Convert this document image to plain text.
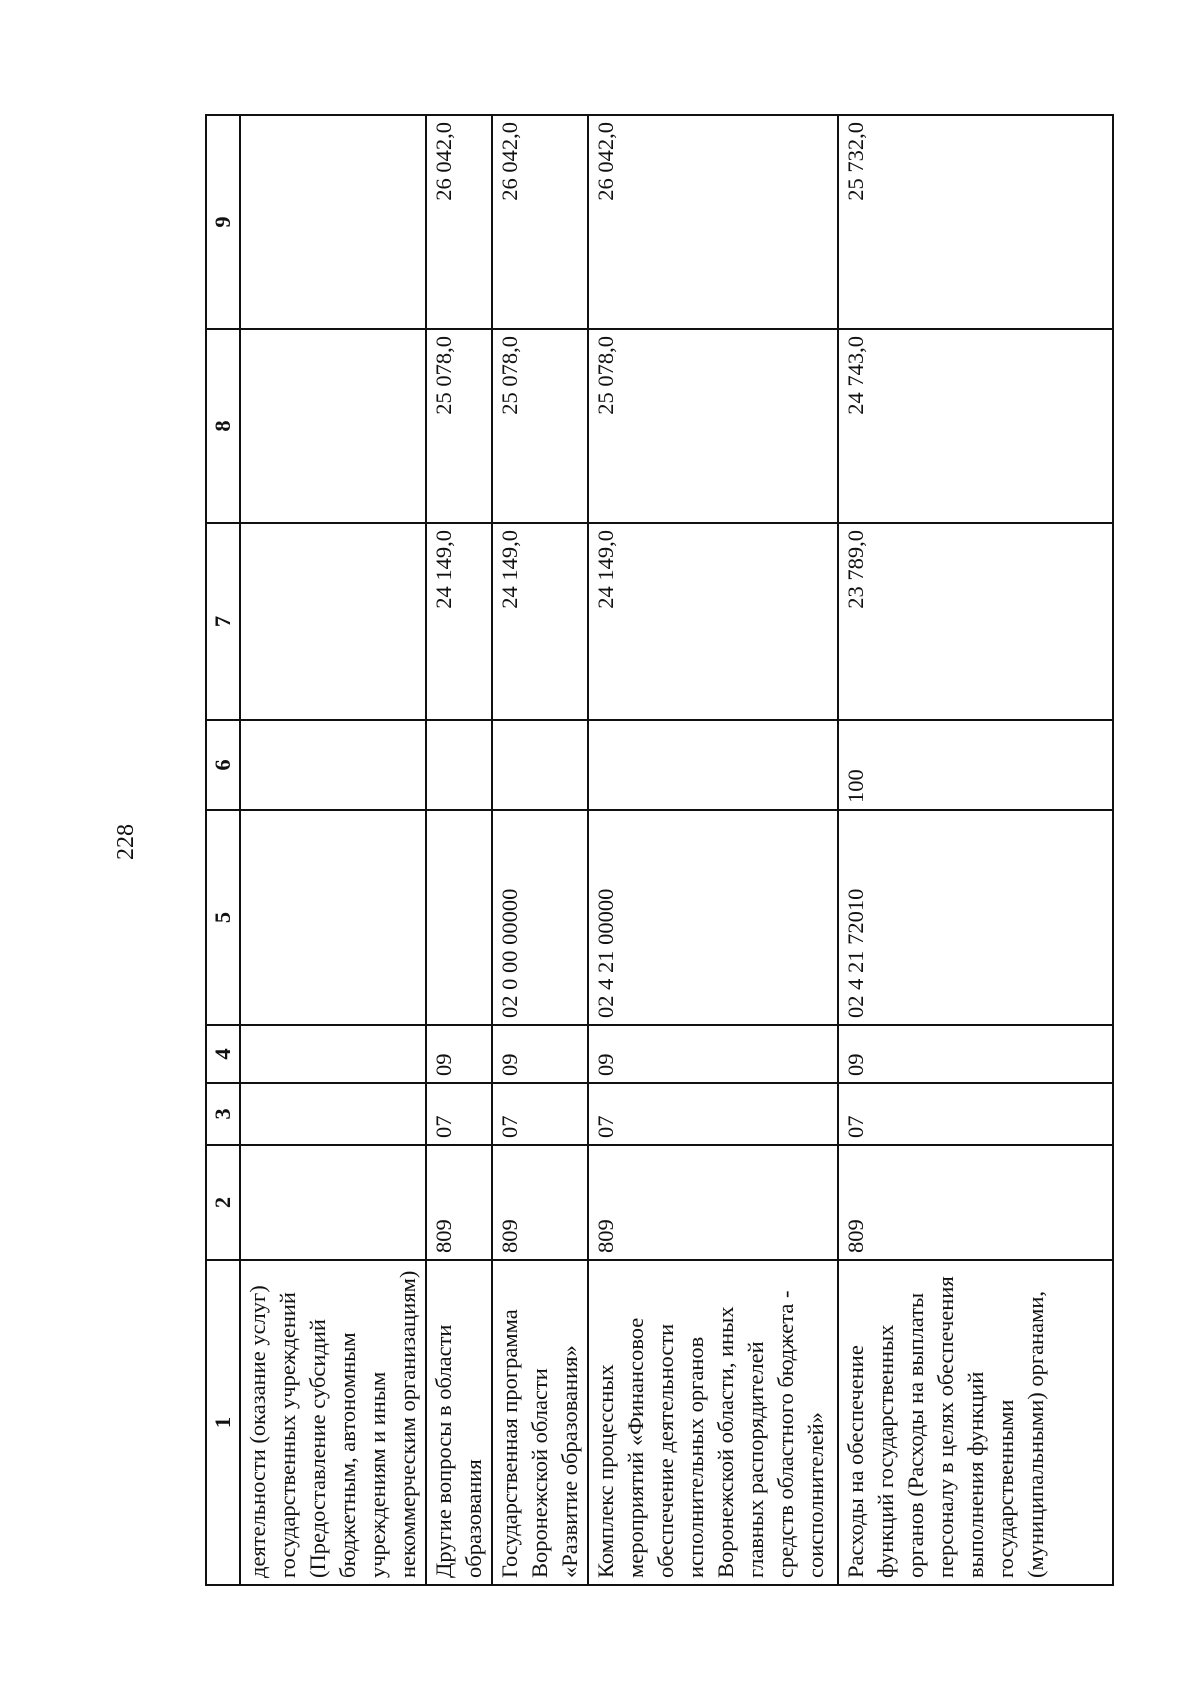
228
1	2	3	4	5	6	7	8	9
деятельности (оказание услуг) государственных учреждений (Предоставление субсидий бюджетным, автономным учреждениям и иным некоммерческим организациям)								
Другие вопросы в области образования	809	07	09			24 149,0	25 078,0	26 042,0
Государственная программа Воронежской области «Развитие образования»	809	07	09	02 0 00 00000		24 149,0	25 078,0	26 042,0
Комплекс процессных мероприятий «Финансовое обеспечение деятельности исполнительных органов Воронежской области, иных главных распорядителей средств областного бюджета - соисполнителей»	809	07	09	02 4 21 00000		24 149,0	25 078,0	26 042,0
Расходы на обеспечение функций государственных органов (Расходы на выплаты персоналу в целях обеспечения выполнения функций государственными (муниципальными) органами,	809	07	09	02 4 21 72010	100	23 789,0	24 743,0	25 732,0
